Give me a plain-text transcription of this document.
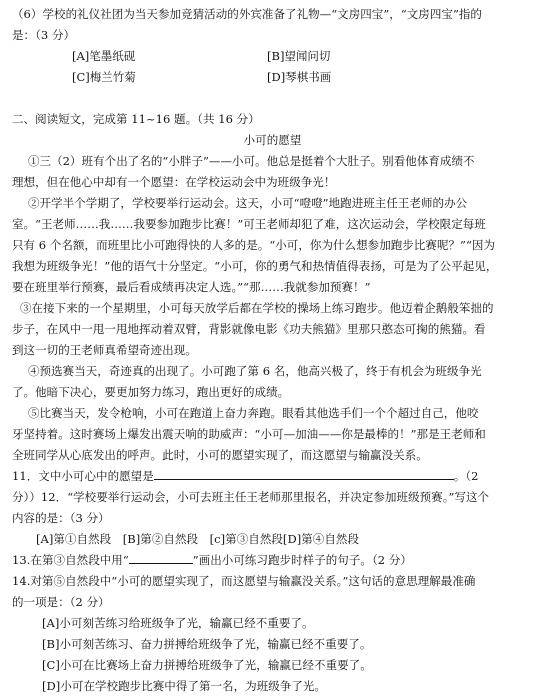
（6）学校的礼仪社团为当天参加竞猜活动的外宾准备了礼物—“文房四宝”，“文房四宝”指的
是：（3 分）
[A]笔墨纸砚	[B]望闻问切
[C]梅兰竹菊	[D]琴棋书画
二、阅读短文，完成第 11~16 题。（共 16 分）
小可的愿望
①三（2）班有个出了名的“小胖子”——小可。他总是挺着个大肚子。别看他体育成绩不
理想，但在他心中却有一个愿望：在学校运动会中为班级争光！
②开学半个学期了，学校要举行运动会。这天，小可“噔噔”地跑进班主任王老师的办公
室。“王老师……我……我要参加跑步比赛！”可王老师却犯了难，这次运动会，学校限定每班
只有 6 个名额，而班里比小可跑得快的人多的是。“小可，你为什么想参加跑步比赛呢？”“因为
我想为班级争光！”他的语气十分坚定。“小可，你的勇气和热情值得表扬，可是为了公平起见，
要在班里举行预赛，最后看成绩再决定人选。”“那……我就参加预赛！”
③在接下来的一个星期里，小可每天放学后都在学校的操场上练习跑步。他迈着企鹅般笨拙的
步子，在风中一甩一甩地挥动着双臂，背影就像电影《功夫熊猫》里那只憨态可掬的熊猫。看
到这一切的王老师真希望奇迹出现。
④预选赛当天，奇迹真的出现了。小可跑了第 6 名，他高兴极了，终于有机会为班级争光
了。他暗下决心，要更加努力练习，跑出更好的成绩。
⑤比赛当天，发令枪响，小可在跑道上奋力奔跑。眼看其他选手们一个个超过自己，他咬
牙坚持着。这时赛场上爆发出震天响的助威声：“小可—加油——你是最棒的！”那是王老师和
全班同学从心底发出的呼声。此时，小可的愿望实现了，而这愿望与输赢没关系。
11．文中小可心中的愿望是	。（2
分））12．“学校要举行运动会，小可去班主任王老师那里报名，并决定参加班级预赛。”写这个
内容的是：（3 分）
[A]第①自然段　[B]第②自然段　[c]第③自然段[D]第④自然段
13.在第③自然段中用“	”画出小可练习跑步时样子的句子。（2 分）
14.对第⑤自然段中“小可的愿望实现了，而这愿望与输赢没关系。”这句话的意思理解最准确
的一项是：（2 分）
[A]小可刻苦练习给班级争了光，输赢已经不重要了。
[B]小可刻苦练习、奋力拼搏给班级争了光，输赢已经不重要了。
[C]小可在比赛场上奋力拼搏给班级争了光，输赢已经不重要了。
[D]小可在学校跑步比赛中得了第一名，为班级争了光。
